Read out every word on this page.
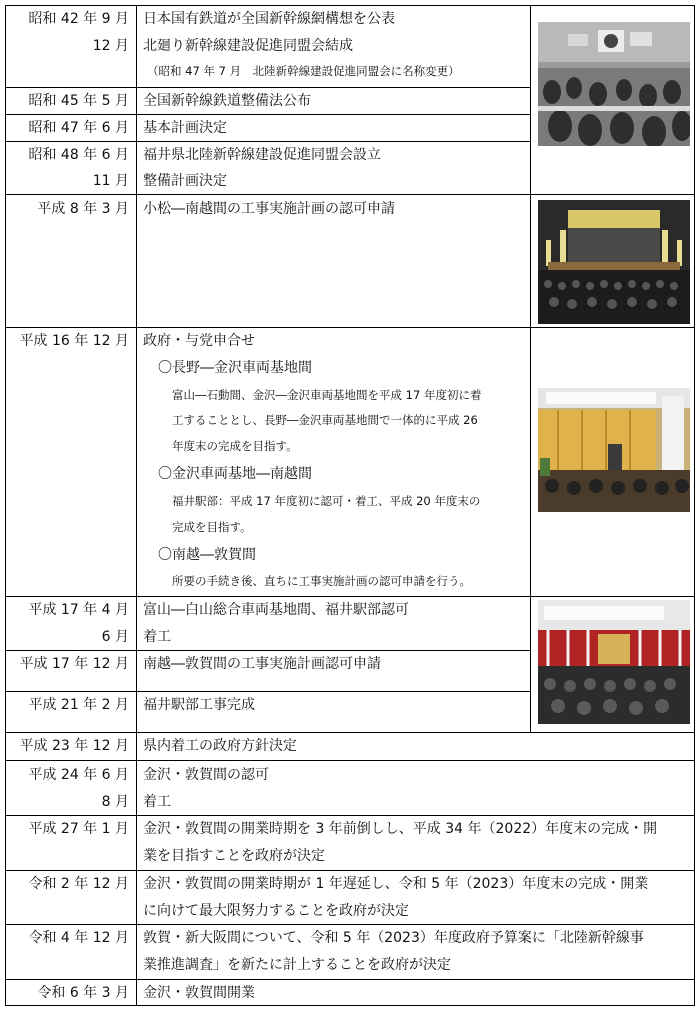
昭和 42 年 9 月 日本国有鉄道が全国新幹線網構想を公表
12 月 北廻り新幹線建設促進同盟会結成
（昭和 47 年 7 月　北陸新幹線建設促進同盟会に名称変更）
昭和 45 年 5 月 全国新幹線鉄道整備法公布
昭和 47 年 6 月 基本計画決定
昭和 48 年 6 月 福井県北陸新幹線建設促進同盟会設立
11 月 整備計画決定
平成 8 年 3 月 小松―南越間の工事実施計画の認可申請
平成 16 年 12 月 政府・与党申合せ
〇長野―金沢車両基地間
富山―石動間、金沢―金沢車両基地間を平成 17 年度初に着
工することとし、長野―金沢車両基地間で一体的に平成 26
年度末の完成を目指す。
〇金沢車両基地―南越間
福井駅部：平成 17 年度初に認可・着工、平成 20 年度末の
完成を目指す。
〇南越―敦賀間
所要の手続き後、直ちに工事実施計画の認可申請を行う。
平成 17 年 4 月 富山―白山総合車両基地間、福井駅部認可
6 月 着工
平成 17 年 12 月 南越―敦賀間の工事実施計画認可申請
平成 21 年 2 月 福井駅部工事完成
平成 23 年 12 月 県内着工の政府方針決定
平成 24 年 6 月 金沢・敦賀間の認可
8 月 着工
平成 27 年 1 月 金沢・敦賀間の開業時期を 3 年前倒しし、平成 34 年（2022）年度末の完成・開
業を目指すことを政府が決定
令和 2 年 12 月 金沢・敦賀間の開業時期が 1 年遅延し、令和 5 年（2023）年度末の完成・開業
に向けて最大限努力することを政府が決定
令和 4 年 12 月 敦賀・新大阪間について、令和 5 年（2023）年度政府予算案に「北陸新幹線事
業推進調査」を新たに計上することを政府が決定
令和 6 年 3 月 金沢・敦賀間開業
